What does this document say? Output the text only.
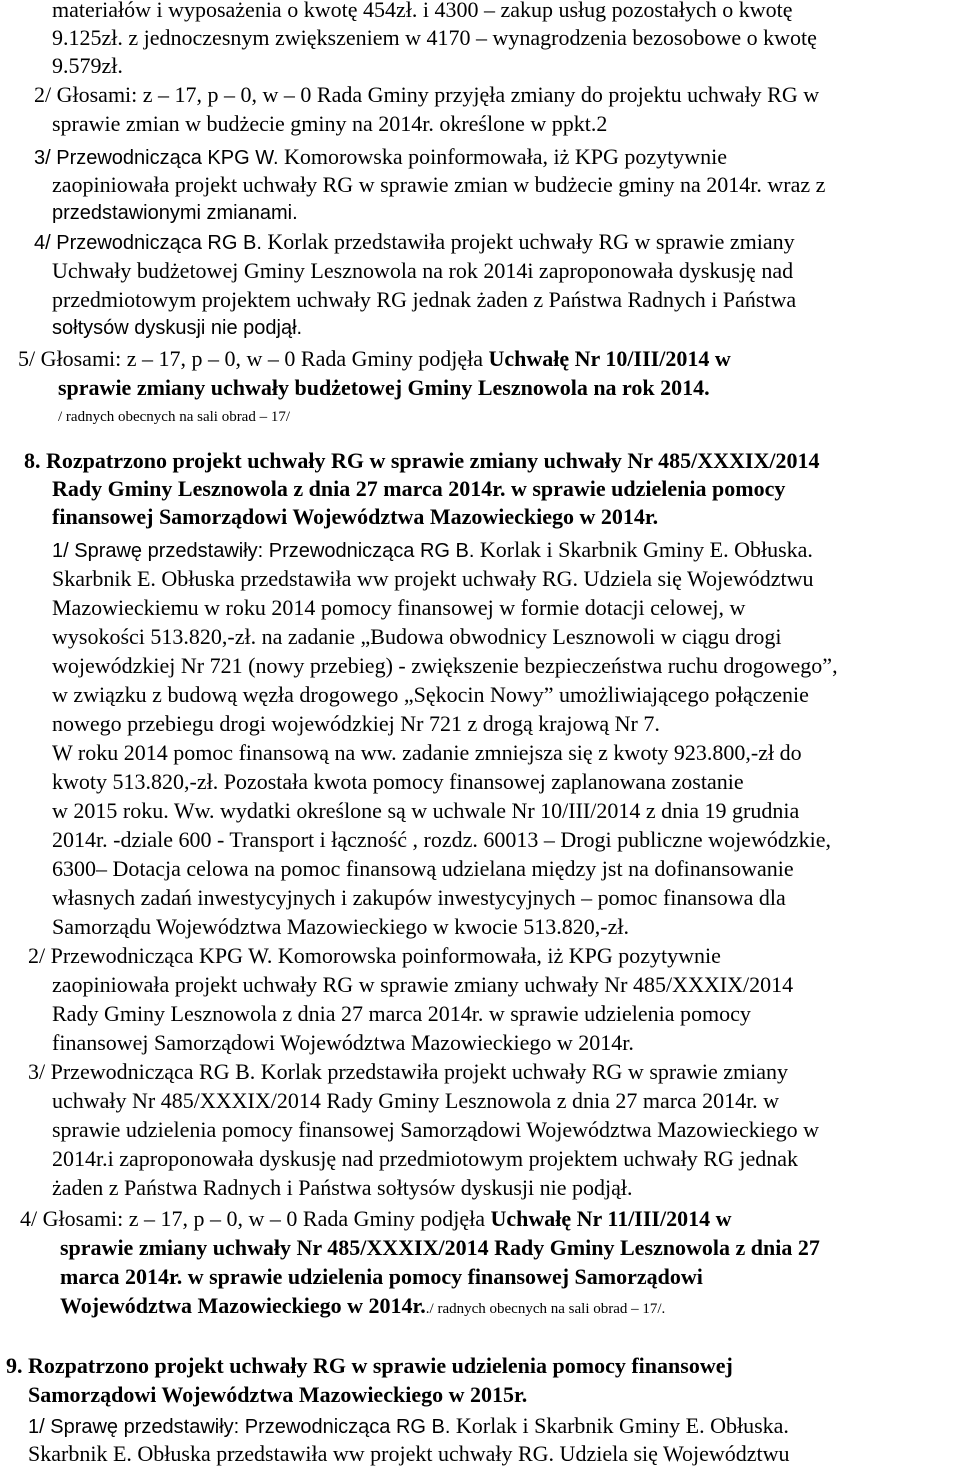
materiałów i wyposażenia o kwotę 454zł. i 4300 – zakup usług pozostałych o kwotę
9.125zł. z jednoczesnym zwiększeniem w 4170 – wynagrodzenia bezosobowe o kwotę
9.579zł.
2/ Głosami: z – 17, p – 0, w – 0 Rada Gminy przyjęła zmiany do projektu uchwały RG w
sprawie zmian w budżecie gminy na 2014r. określone w ppkt.2
3/ Przewodnicząca KPG W. Komorowska poinformowała, iż KPG pozytywnie
zaopiniowała projekt uchwały RG w sprawie zmian w budżecie gminy na 2014r. wraz z
przedstawionymi zmianami.
4/ Przewodnicząca RG B. Korlak przedstawiła projekt uchwały RG w sprawie zmiany
Uchwały budżetowej Gminy Lesznowola na rok 2014i zaproponowała dyskusję nad
przedmiotowym projektem uchwały RG jednak żaden z Państwa Radnych i Państwa
sołtysów dyskusji nie podjął.
5/ Głosami: z – 17, p – 0, w – 0 Rada Gminy podjęła Uchwałę Nr 10/III/2014 w
sprawie zmiany uchwały budżetowej Gminy Lesznowola na rok 2014.
/ radnych obecnych na sali obrad – 17/
8. Rozpatrzono projekt uchwały RG w sprawie zmiany uchwały Nr 485/XXXIX/2014
Rady Gminy Lesznowola z dnia 27 marca 2014r. w sprawie udzielenia pomocy
finansowej Samorządowi Województwa Mazowieckiego w 2014r.
1/ Sprawę przedstawiły: Przewodnicząca RG B. Korlak i Skarbnik Gminy E. Obłuska.
Skarbnik E. Obłuska przedstawiła ww projekt uchwały RG. Udziela się Województwu
Mazowieckiemu w roku 2014 pomocy finansowej w formie dotacji celowej, w
wysokości 513.820,-zł. na zadanie „Budowa obwodnicy Lesznowoli w ciągu drogi
wojewódzkiej Nr 721 (nowy przebieg) - zwiększenie bezpieczeństwa ruchu drogowego”,
w związku z budową węzła drogowego „Sękocin Nowy” umożliwiającego połączenie
nowego przebiegu drogi wojewódzkiej Nr 721 z drogą krajową Nr 7.
W roku 2014 pomoc finansową na ww. zadanie zmniejsza się z kwoty 923.800,-zł do
kwoty 513.820,-zł. Pozostała kwota pomocy finansowej zaplanowana zostanie
w 2015 roku. Ww. wydatki określone są w uchwale Nr 10/III/2014 z dnia 19 grudnia
2014r. -dziale 600 - Transport i łączność , rozdz. 60013 – Drogi publiczne wojewódzkie,
6300– Dotacja celowa na pomoc finansową udzielana między jst na dofinansowanie
własnych zadań inwestycyjnych i zakupów inwestycyjnych – pomoc finansowa dla
Samorządu Województwa Mazowieckiego w kwocie 513.820,-zł.
2/ Przewodnicząca KPG W. Komorowska poinformowała, iż KPG pozytywnie
zaopiniowała projekt uchwały RG w sprawie zmiany uchwały Nr 485/XXXIX/2014
Rady Gminy Lesznowola z dnia 27 marca 2014r. w sprawie udzielenia pomocy
finansowej Samorządowi Województwa Mazowieckiego w 2014r.
3/ Przewodnicząca RG B. Korlak przedstawiła projekt uchwały RG w sprawie zmiany
uchwały Nr 485/XXXIX/2014 Rady Gminy Lesznowola z dnia 27 marca 2014r. w
sprawie udzielenia pomocy finansowej Samorządowi Województwa Mazowieckiego w
2014r.i zaproponowała dyskusję nad przedmiotowym projektem uchwały RG jednak
żaden z Państwa Radnych i Państwa sołtysów dyskusji nie podjął.
4/ Głosami: z – 17, p – 0, w – 0 Rada Gminy podjęła Uchwałę Nr 11/III/2014 w
sprawie zmiany uchwały Nr 485/XXXIX/2014 Rady Gminy Lesznowola z dnia 27
marca 2014r. w sprawie udzielenia pomocy finansowej Samorządowi
Województwa Mazowieckiego w 2014r../ radnych obecnych na sali obrad – 17/.
9. Rozpatrzono projekt uchwały RG w sprawie udzielenia pomocy finansowej
Samorządowi Województwa Mazowieckiego w 2015r.
1/ Sprawę przedstawiły: Przewodnicząca RG B. Korlak i Skarbnik Gminy E. Obłuska.
Skarbnik E. Obłuska przedstawiła ww projekt uchwały RG. Udziela się Województwu
